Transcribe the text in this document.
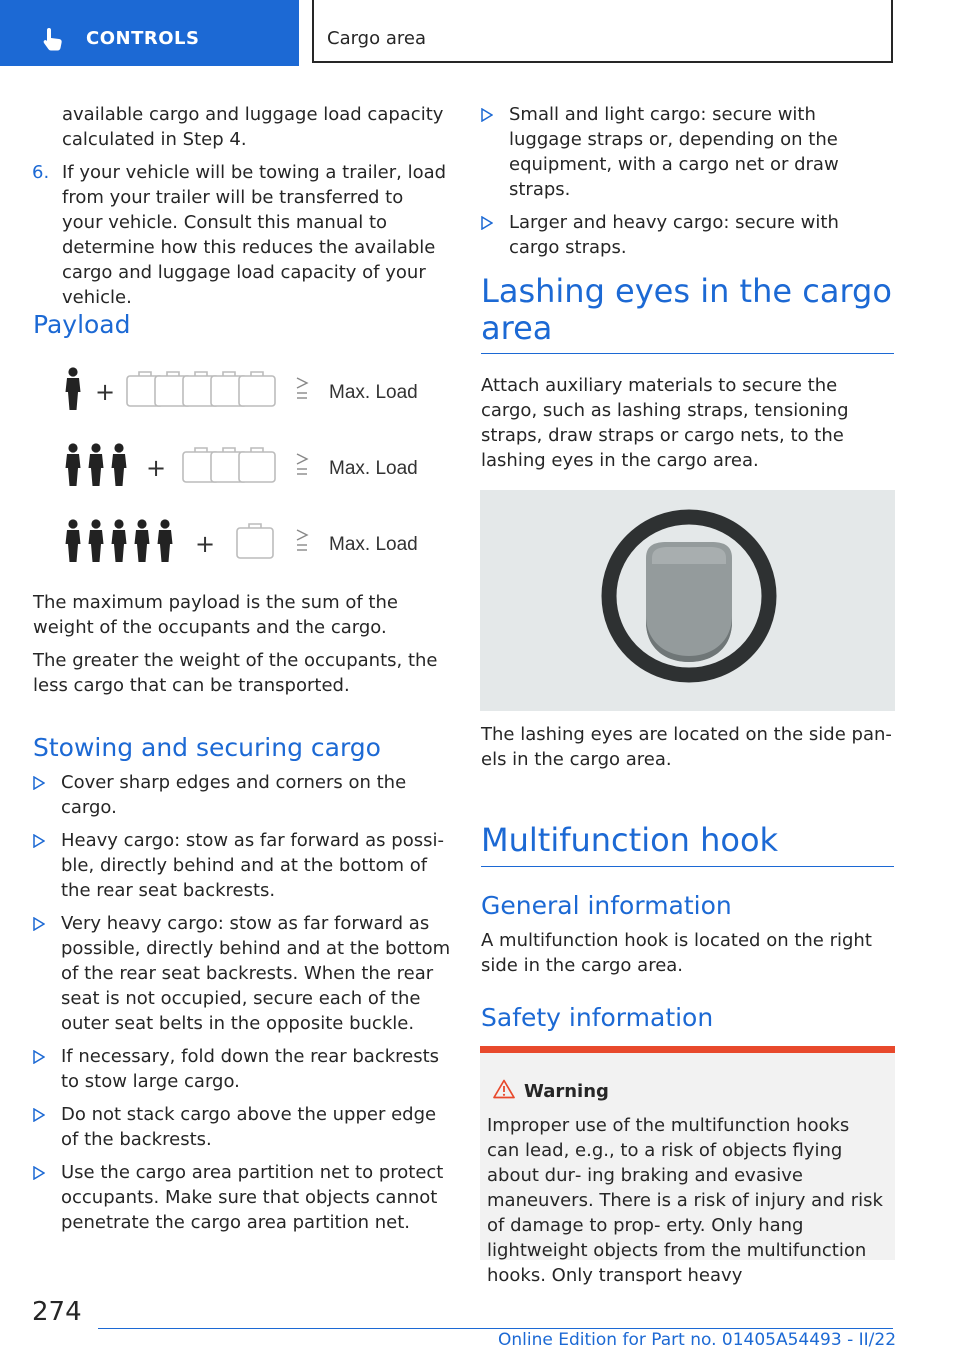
CONTROLS	Cargo area

available cargo and luggage load capacity calculated in Step 4.

6. If your vehicle will be towing a trailer, load from your trailer will be transferred to your vehicle. Consult this manual to determine how this reduces the available cargo and luggage load capacity of your vehicle.

Payload
+	Max. Load
+	Max. Load
+	Max. Load

The maximum payload is the sum of the weight of the occupants and the cargo.

The greater the weight of the occupants, the less cargo that can be transported.

Stowing and securing cargo

Cover sharp edges and corners on the cargo.

Heavy cargo: stow as far forward as possi‐ ble, directly behind and at the bottom of the rear seat backrests.

Very heavy cargo: stow as far forward as possible, directly behind and at the bottom of the rear seat backrests. When the rear seat is not occupied, secure each of the outer seat belts in the opposite buckle.

If necessary, fold down the rear backrests to stow large cargo.

Do not stack cargo above the upper edge of the backrests.

Use the cargo area partition net to protect occupants. Make sure that objects cannot penetrate the cargo area partition net.

Small and light cargo: secure with luggage straps or, depending on the equipment, with a cargo net or draw straps.

Larger and heavy cargo: secure with cargo straps.

Lashing eyes in the cargo
area

Attach auxiliary materials to secure the cargo, such as lashing straps, tensioning straps, draw straps or cargo nets, to the lashing eyes in the cargo area.

The lashing eyes are located on the side pan‐ els in the cargo area.

Multifunction hook
General information

A multifunction hook is located on the right side in the cargo area.

Safety information
Warning

Improper use of the multifunction hooks can lead, e.g., to a risk of objects flying about dur‐ ing braking and evasive maneuvers. There is a risk of injury and risk of damage to prop‐ erty. Only hang lightweight objects from the multifunction hooks. Only transport heavy

274
Online Edition for Part no. 01405A54493 - II/22
